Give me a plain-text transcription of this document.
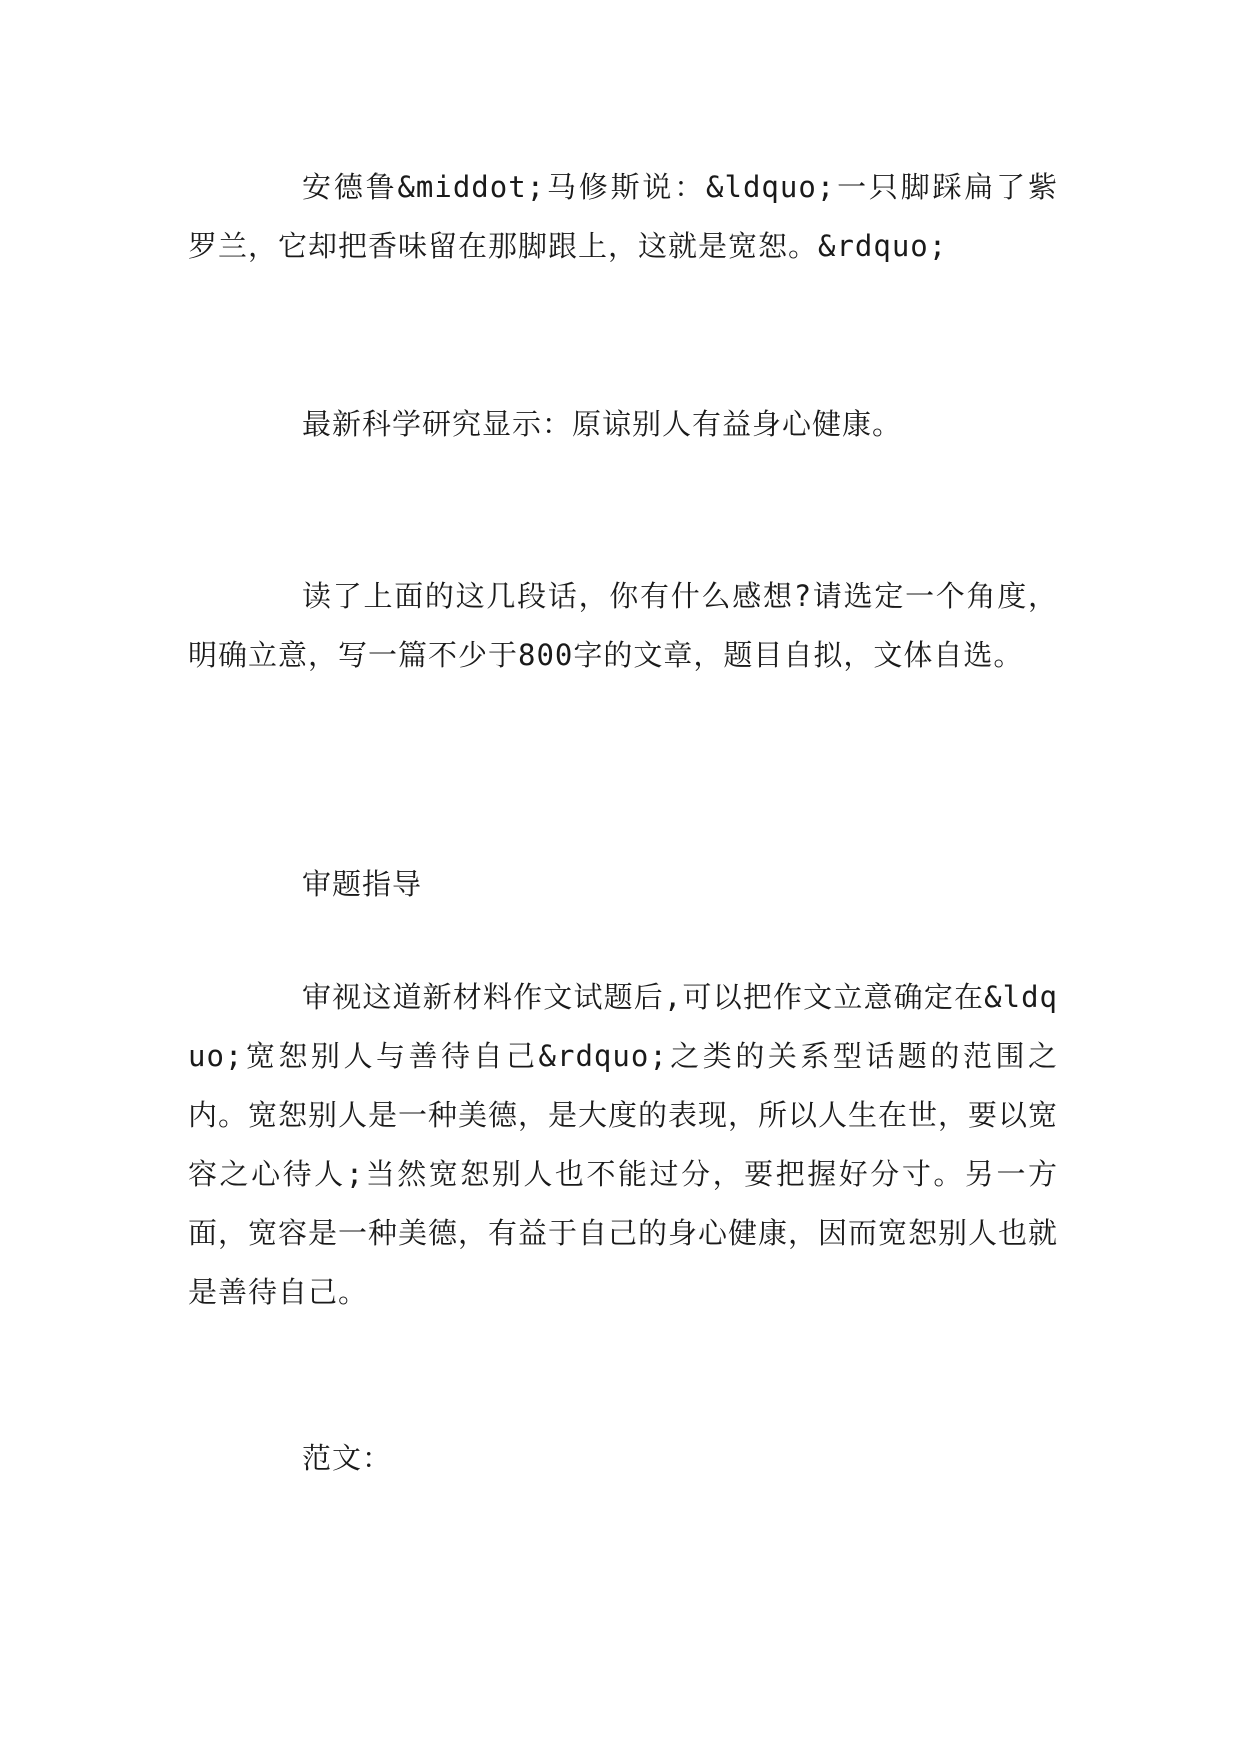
安德鲁&middot;马修斯说：&ldquo;一只脚踩扁了紫罗兰，它却把香味留在那脚跟上，这就是宽恕。&rdquo;

最新科学研究显示：原谅别人有益身心健康。

读了上面的这几段话，你有什么感想?请选定一个角度，明确立意，写一篇不少于800字的文章，题目自拟，文体自选。

审题指导

审视这道新材料作文试题后,可以把作文立意确定在&ldquo;宽恕别人与善待自己&rdquo;之类的关系型话题的范围之内。宽恕别人是一种美德，是大度的表现，所以人生在世，要以宽容之心待人;当然宽恕别人也不能过分，要把握好分寸。另一方面，宽容是一种美德，有益于自己的身心健康，因而宽恕别人也就是善待自己。

范文：
